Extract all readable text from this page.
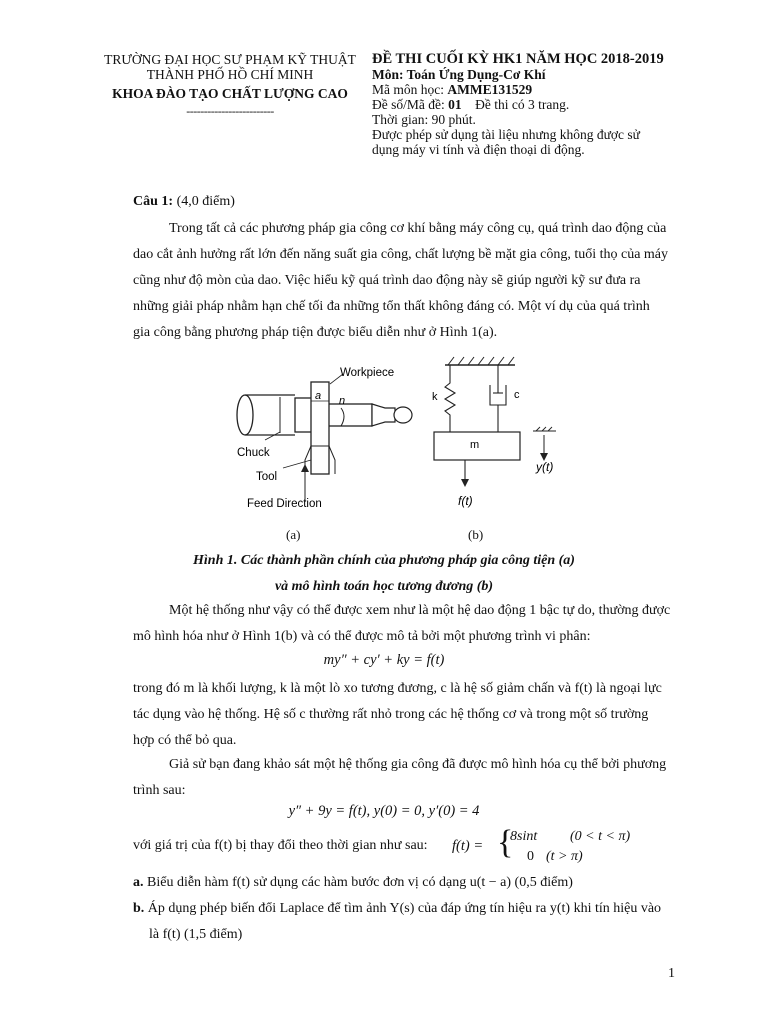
TRƯỜNG ĐẠI HỌC SƯ PHẠM KỸ THUẬT
THÀNH PHỐ HỒ CHÍ MINH
KHOA ĐÀO TẠO CHẤT LƯỢNG CAO
-------------------------
ĐỀ THI CUỐI KỲ HK1 NĂM HỌC 2018-2019
Môn: Toán Ứng Dụng-Cơ Khí
Mã môn học: AMME131529
Đề số/Mã đề: 01 Đề thi có 3 trang.
Thời gian: 90 phút.
Được phép sử dụng tài liệu nhưng không được sử
dụng máy vi tính và điện thoại di động.
Câu 1: (4,0 điểm)

Trong tất cả các phương pháp gia công cơ khí bằng máy công cụ, quá trình dao động của

dao cắt ảnh hưởng rất lớn đến năng suất gia công, chất lượng bề mặt gia công, tuổi thọ của máy

cũng như độ mòn của dao. Việc hiểu kỹ quá trình dao động này sẽ giúp người kỹ sư đưa ra

những giải pháp nhằm hạn chế tối đa những tổn thất không đáng có. Một ví dụ của quá trình

gia công bằng phương pháp tiện được biểu diễn như ở Hình 1(a).

a n
Workpiece
Chuck
Tool
Feed Direction
k	c
m
f(t)
y(t)
(a)	(b)
Hình 1. Các thành phần chính của phương pháp gia công tiện (a)
và mô hình toán học tương đương (b)

Một hệ thống như vậy có thể được xem như là một hệ dao động 1 bậc tự do, thường được

mô hình hóa như ở Hình 1(b) và có thể được mô tả bởi một phương trình vi phân:

my″ + cy′ + ky = f(t)

trong đó m là khối lượng, k là một lò xo tương đương, c là hệ số giảm chấn và f(t) là ngoại lực

tác dụng vào hệ thống. Hệ số c thường rất nhỏ trong các hệ thống cơ và trong một số trường

hợp có thể bỏ qua.

Giả sử bạn đang khảo sát một hệ thống gia công đã được mô hình hóa cụ thể bởi phương

trình sau:

y″ + 9y = f(t), y(0) = 0, y′(0) = 4
với giá trị của f(t) bị thay đổi theo thời gian như sau: f(t) = {
8sint (0 < t < π)
0 (t > π)
a. Biểu diễn hàm f(t) sử dụng các hàm bước đơn vị có dạng u(t − a) (0,5 điểm)
b. Áp dụng phép biến đổi Laplace để tìm ảnh Y(s) của đáp ứng tín hiệu ra y(t) khi tín hiệu vào
là f(t) (1,5 điểm)
1
